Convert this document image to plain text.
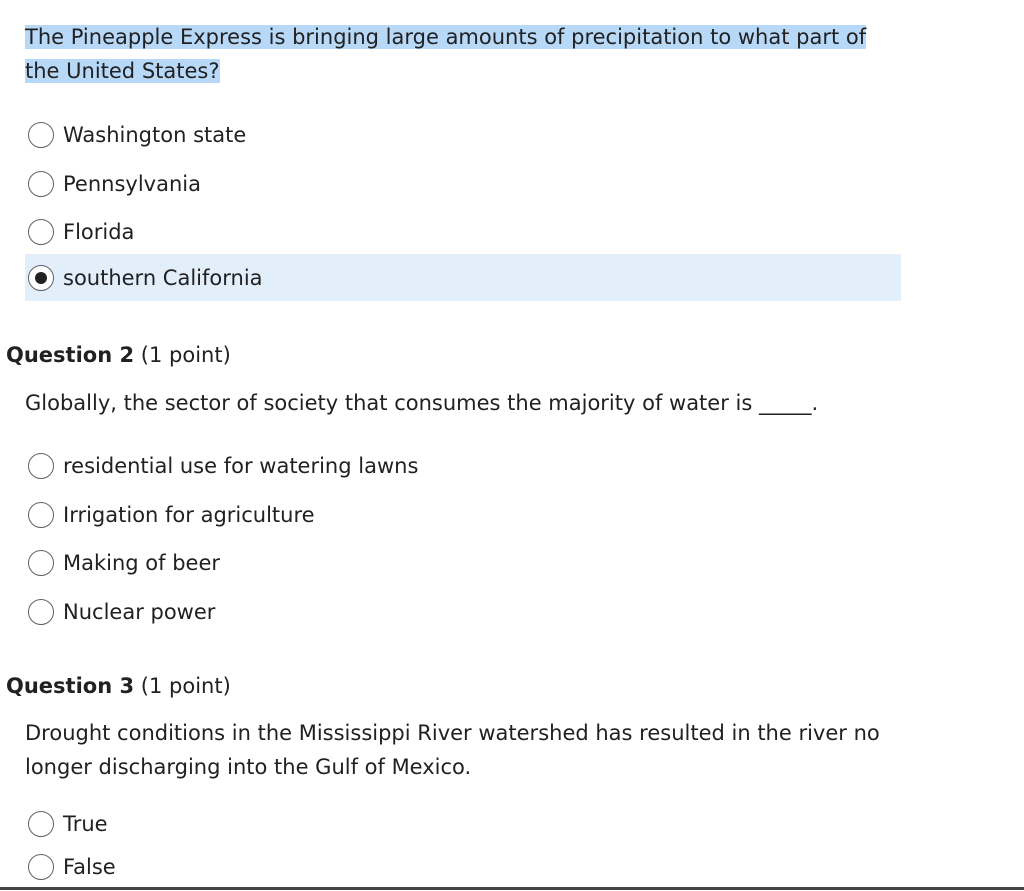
The Pineapple Express is bringing large amounts of precipitation to what part of the United States?
Washington state
Pennsylvania
Florida
southern California
Question 2 (1 point)
Globally, the sector of society that consumes the majority of water is _____.
residential use for watering lawns
Irrigation for agriculture
Making of beer
Nuclear power
Question 3 (1 point)
Drought conditions in the Mississippi River watershed has resulted in the river no longer discharging into the Gulf of Mexico.
True
False
